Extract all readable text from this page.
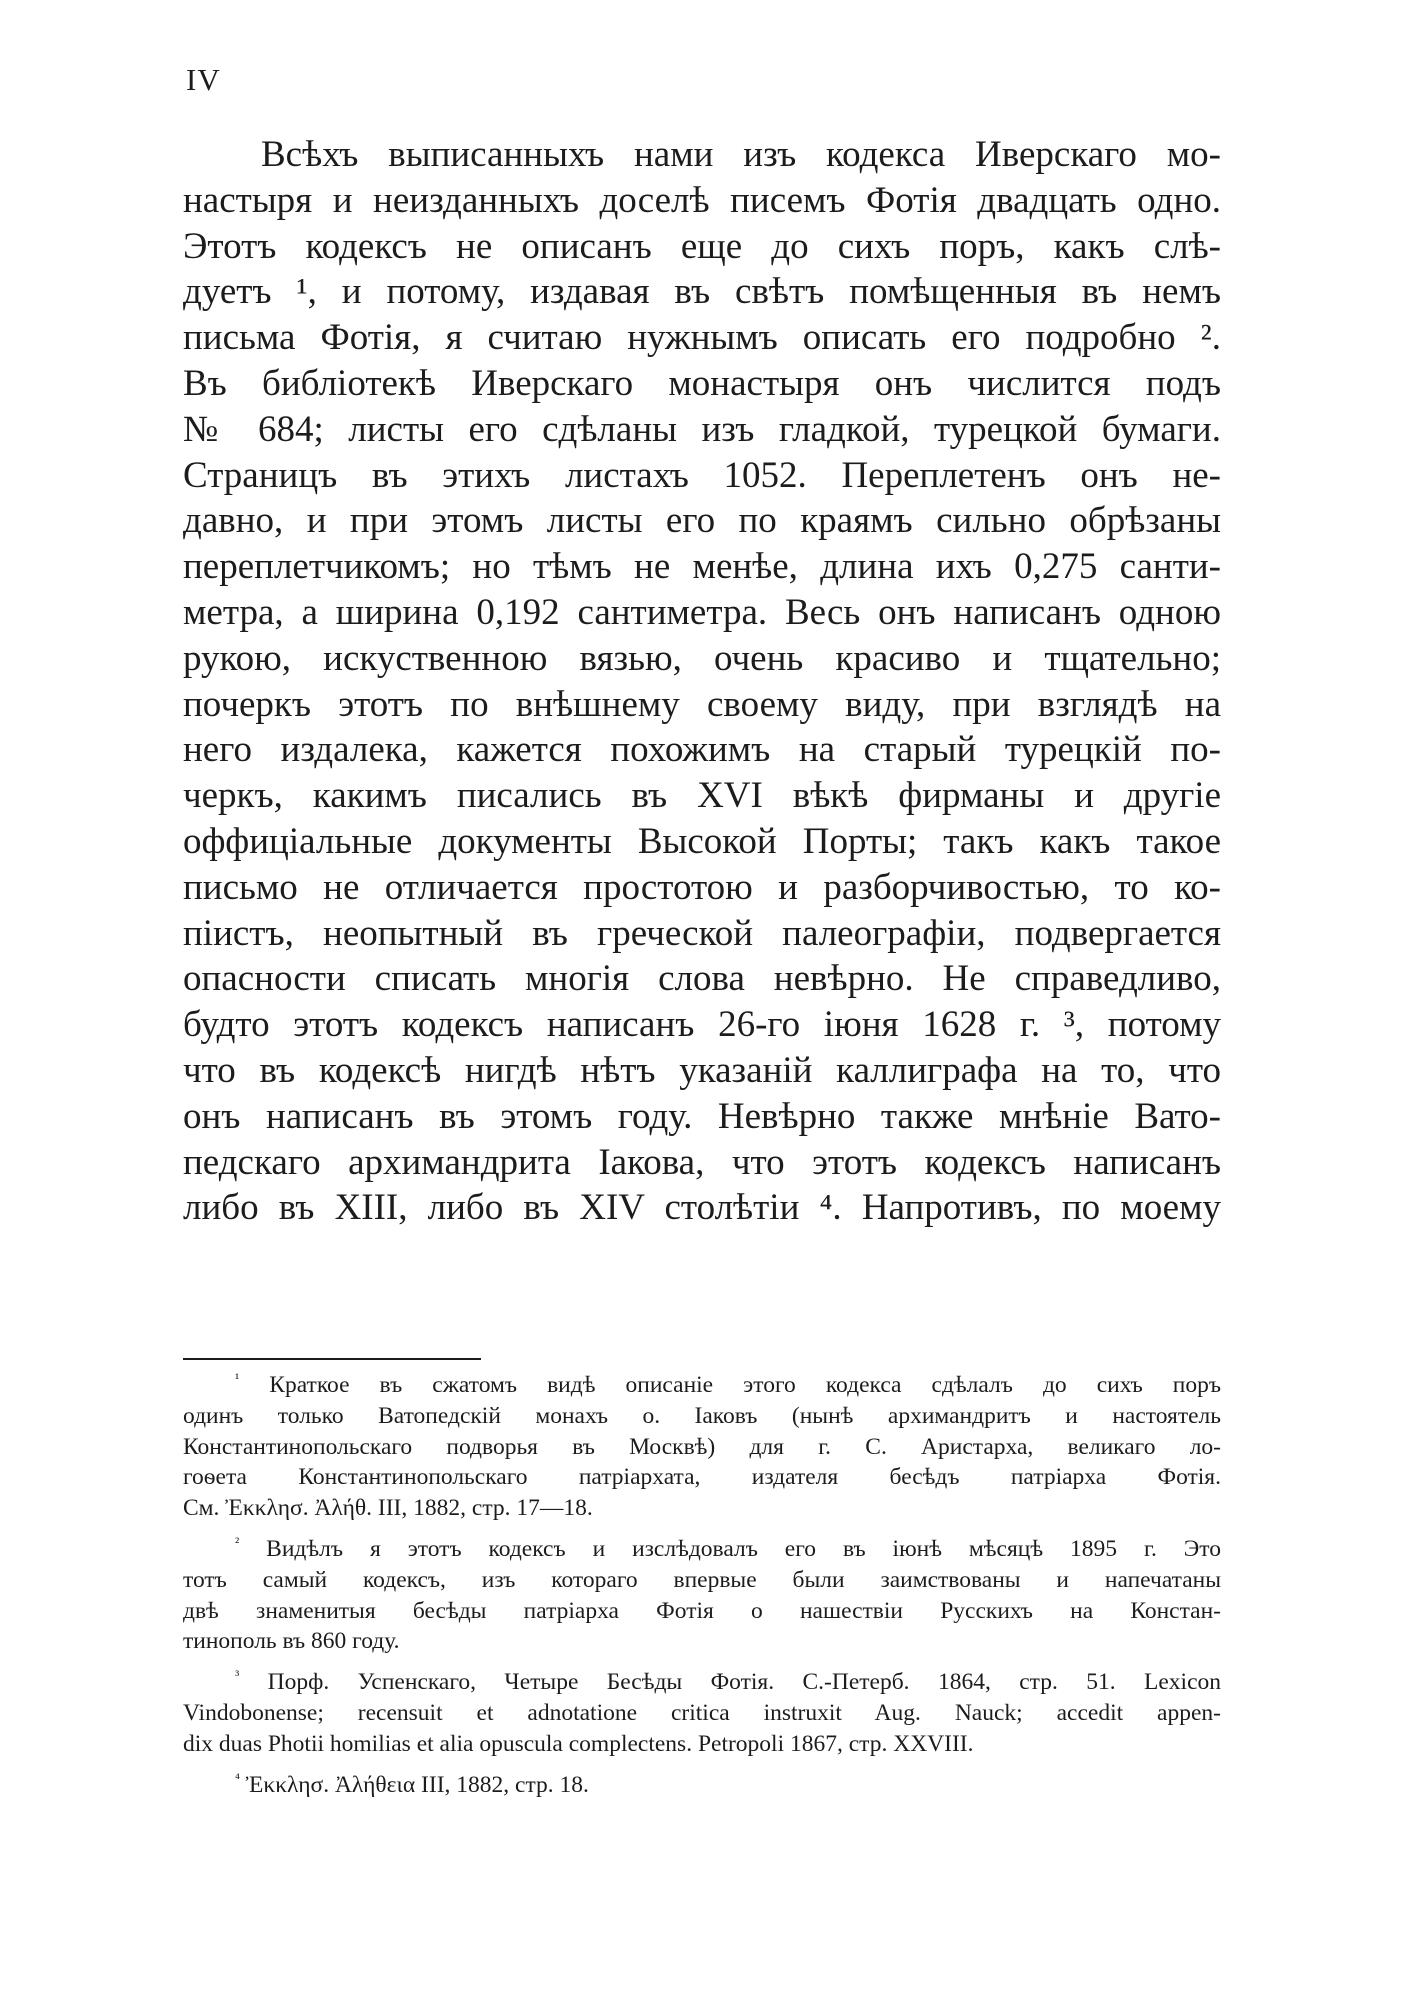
IV
Всѣхъ выписанныхъ нами изъ кодекса Иверскаго мо-
настыря и неизданныхъ доселѣ писемъ Фотія двадцать одно.
Этотъ кодексъ не описанъ еще до сихъ поръ, какъ слѣ-
дуетъ ¹, и потому, издавая въ свѣтъ помѣщенныя въ немъ
письма Фотія, я считаю нужнымъ описать его подробно ².
Въ библіотекѣ Иверскаго монастыря онъ числится подъ
№ 684; листы его сдѣланы изъ гладкой, турецкой бумаги.
Страницъ въ этихъ листахъ 1052. Переплетенъ онъ не-
давно, и при этомъ листы его по краямъ сильно обрѣзаны
переплетчикомъ; но тѣмъ не менѣе, длина ихъ 0,275 санти-
метра, а ширина 0,192 сантиметра. Весь онъ написанъ одною
рукою, искуственною вязью, очень красиво и тщательно;
почеркъ этотъ по внѣшнему своему виду, при взглядѣ на
него издалека, кажется похожимъ на старый турецкій по-
черкъ, какимъ писались въ XVI вѣкѣ фирманы и другіе
оффиціальные документы Высокой Порты; такъ какъ такое
письмо не отличается простотою и разборчивостью, то ко-
піистъ, неопытный въ греческой палеографіи, подвергается
опасности списать многія слова невѣрно. Не справедливо,
будто этотъ кодексъ написанъ 26-го іюня 1628 г. ³, потому
что въ кодексѣ нигдѣ нѣтъ указаній каллиграфа на то, что
онъ написанъ въ этомъ году. Невѣрно также мнѣніе Вато-
педскаго архимандрита Іакова, что этотъ кодексъ написанъ
либо въ XIII, либо въ XIV столѣтіи ⁴. Напротивъ, по моему
$^{^1}$ Краткое въ сжатомъ видѣ описаніе этого кодекса сдѣлалъ до сихъ поръ
одинъ только Ватопедскій монахъ о. Іаковъ (нынѣ архимандритъ и настоятель
Константинопольскаго подворья въ Москвѣ) для г. С. Аристарха, великаго ло-
гоѳета Константинопольскаго патріархата, издателя бесѣдъ патріарха Фотія.
См. Ἐκκλησ. Ἀλήθ. III, 1882, стр. 17—18.
$^{^2}$ Видѣлъ я этотъ кодексъ и изслѣдовалъ его въ іюнѣ мѣсяцѣ 1895 г. Это
тотъ самый кодексъ, изъ котораго впервые были заимствованы и напечатаны
двѣ знаменитыя бесѣды патріарха Фотія о нашествіи Русскихъ на Констан-
тинополь въ 860 году.
$^{^3}$ Порф. Успенскаго, Четыре Бесѣды Фотія. С.-Петерб. 1864, стр. 51. Lexicon
Vindobonense; recensuit et adnotatione critica instruxit Aug. Nauck; accedit appen-
dix duas Photii homilias et alia opuscula complectens. Petropoli 1867, стр. XXVIII.
$^{^4}$ Ἐκκλησ. Ἀλήθεια III, 1882, стр. 18.
